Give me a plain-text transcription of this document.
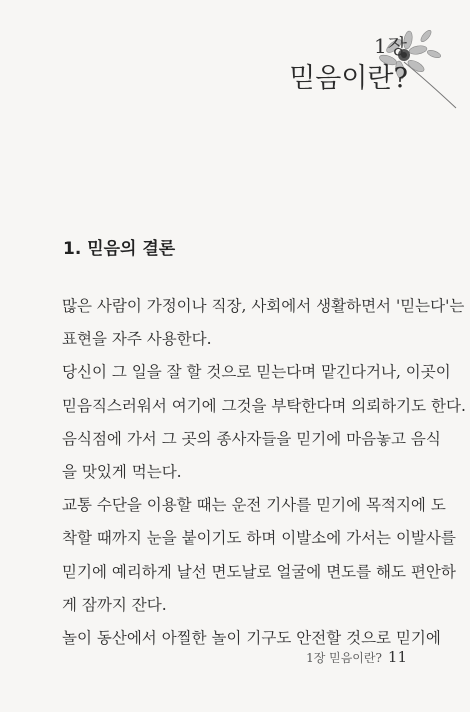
1장
믿음이란?
1. 믿음의 결론
많은 사람이 가정이나 직장, 사회에서 생활하면서 '믿는다'는
표현을 자주 사용한다.
당신이 그 일을 잘 할 것으로 믿는다며 맡긴다거나, 이곳이
믿음직스러워서 여기에 그것을 부탁한다며 의뢰하기도 한다.
음식점에 가서 그 곳의 종사자들을 믿기에 마음놓고 음식
을 맛있게 먹는다.
교통 수단을 이용할 때는 운전 기사를 믿기에 목적지에 도
착할 때까지 눈을 붙이기도 하며 이발소에 가서는 이발사를
믿기에 예리하게 날선 면도날로 얼굴에 면도를 해도 편안하
게 잠까지 잔다.
놀이 동산에서 아찔한 놀이 기구도 안전할 것으로 믿기에
1장 믿음이란? 11
